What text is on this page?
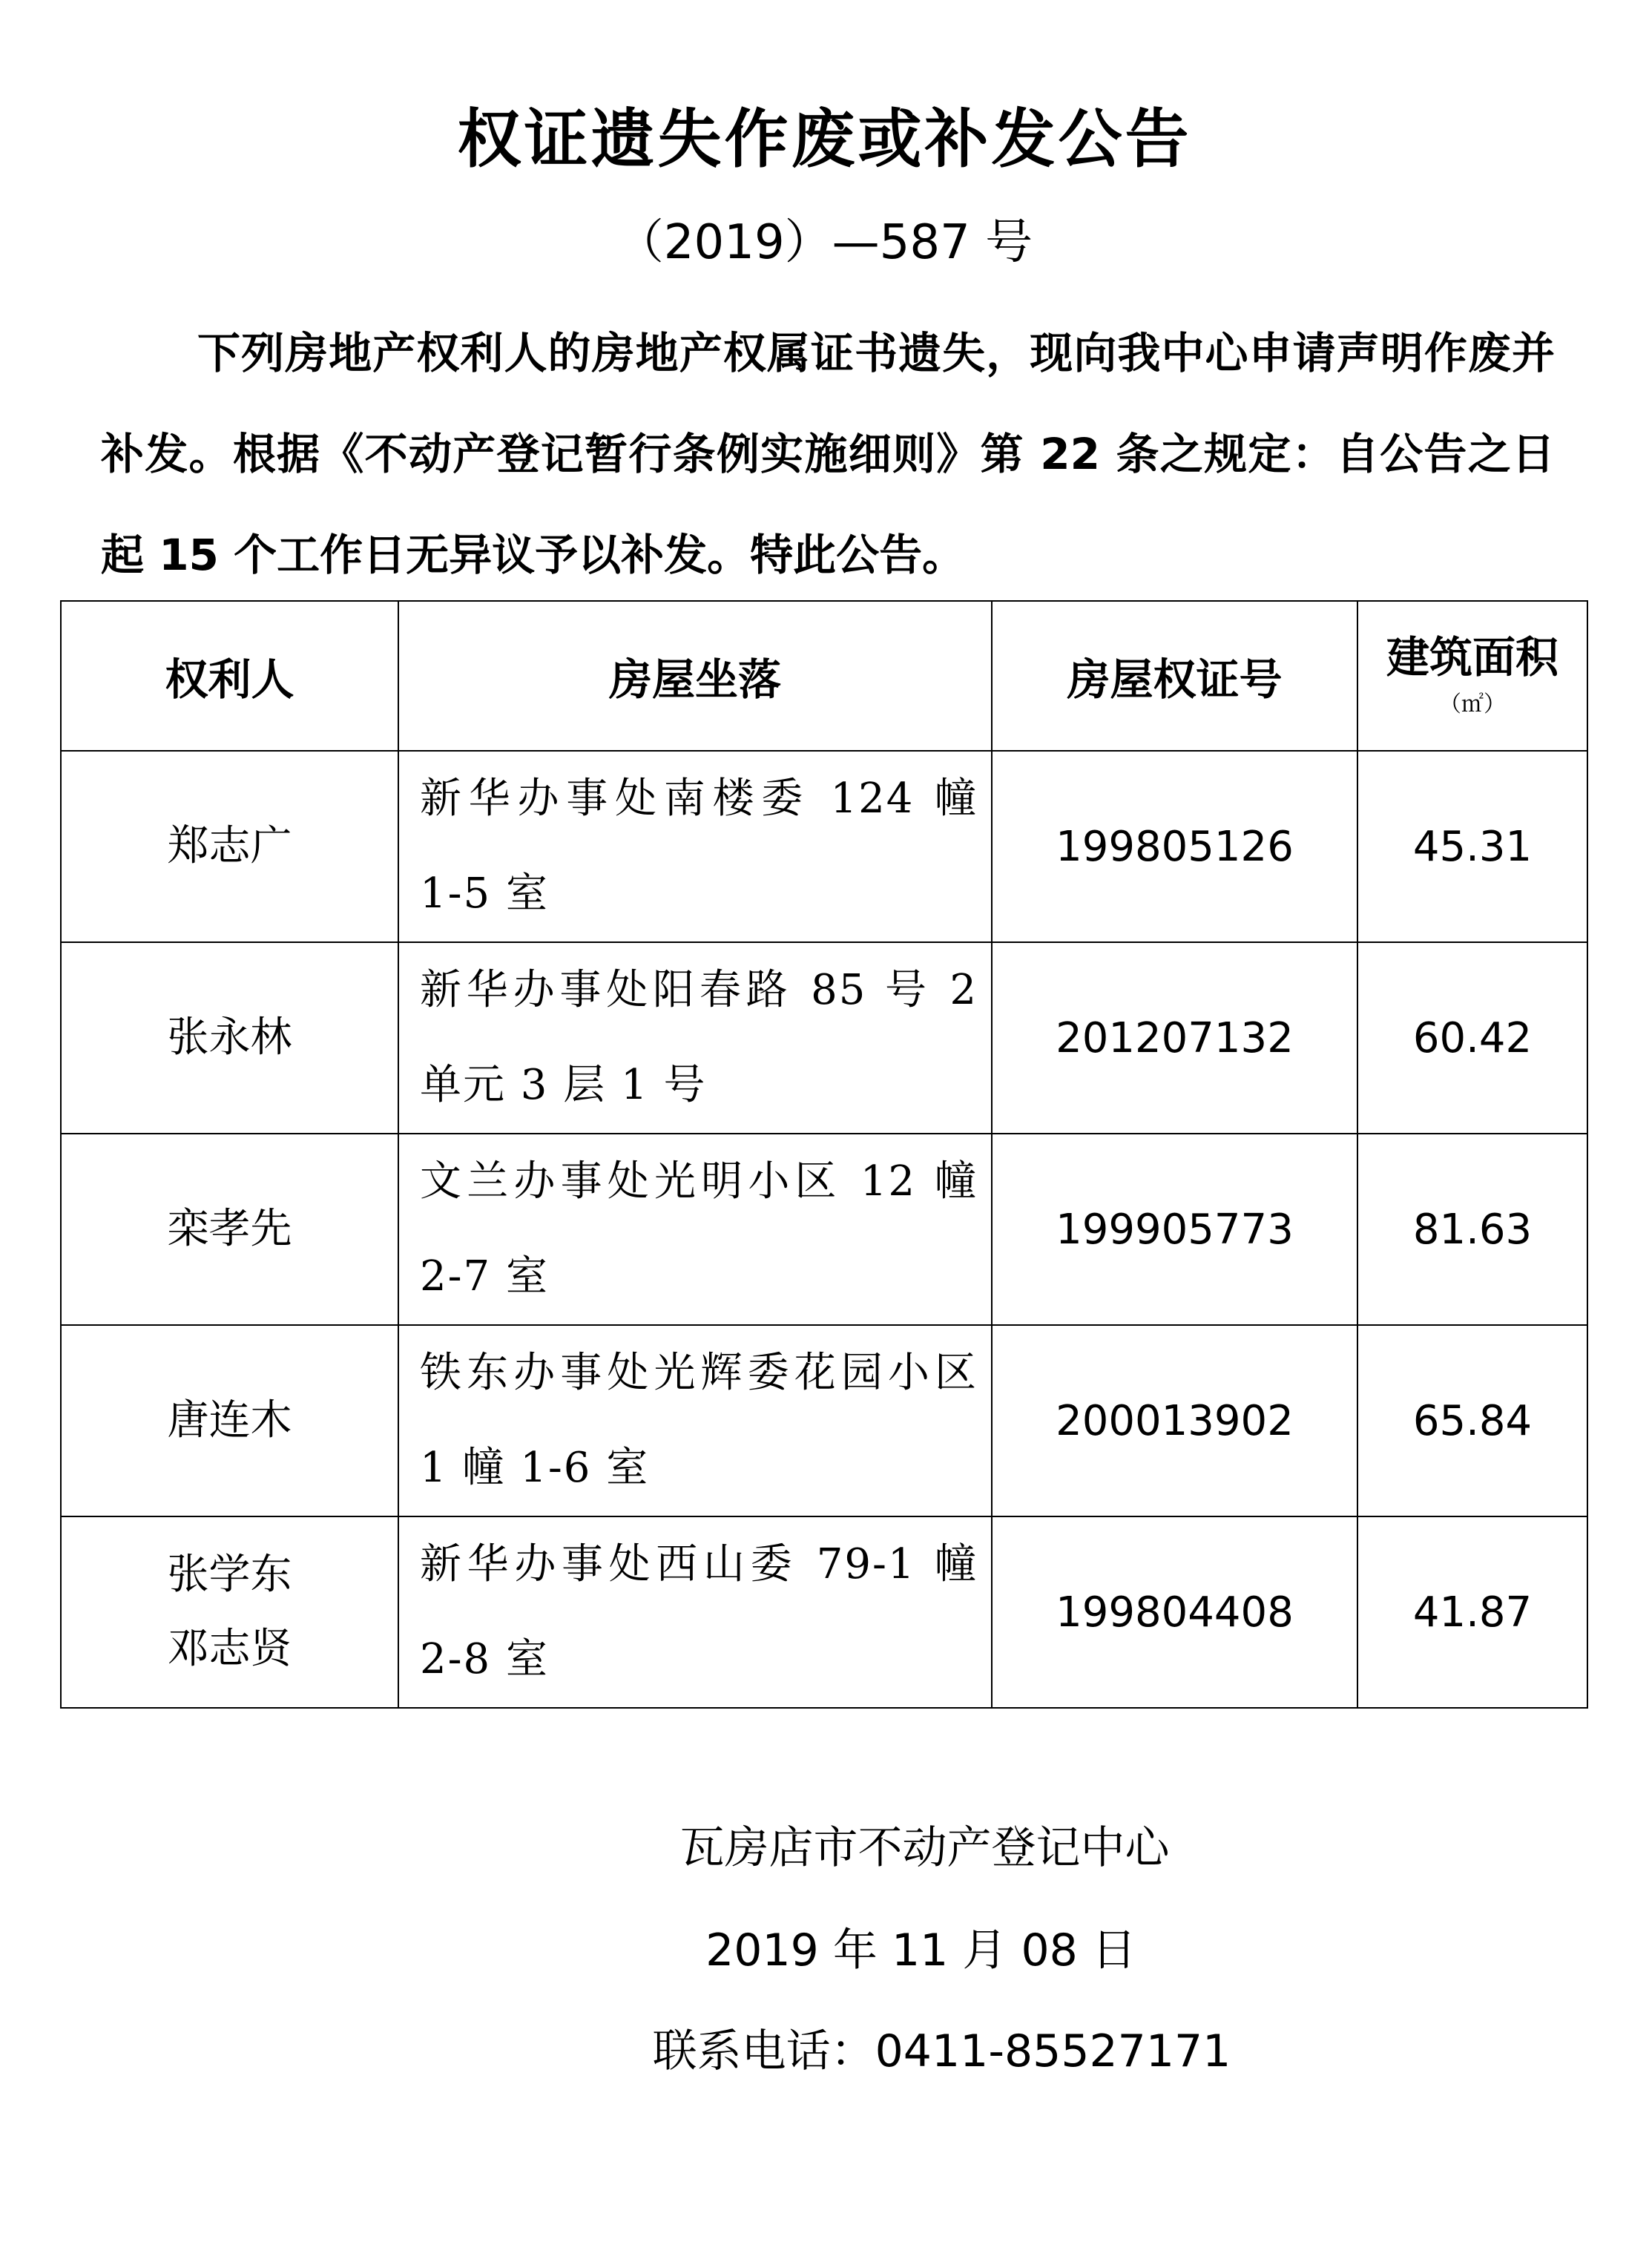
权证遗失作废或补发公告
（2019）—587 号

下列房地产权利人的房地产权属证书遗失，现向我中心申请声明作废并补发。根据《不动产登记暂行条例实施细则》第 22 条之规定：自公告之日起 15 个工作日无异议予以补发。特此公告。

权利人	房屋坐落	房屋权证号	建筑面积
（㎡）

郑志广	新华办事处南楼委 124 幢 1-5 室	199805126	45.31

张永林	新华办事处阳春路 85 号 2 单元 3 层 1 号	201207132	60.42

栾孝先	文兰办事处光明小区 12 幢 2-7 室	199905773	81.63

唐连木	铁东办事处光辉委花园小区 1 幢 1-6 室	200013902	65.84

张学东
邓志贤	新华办事处西山委 79-1 幢 2-8 室	199804408	41.87
瓦房店市不动产登记中心
2019 年 11 月 08 日
联系电话：0411-85527171
